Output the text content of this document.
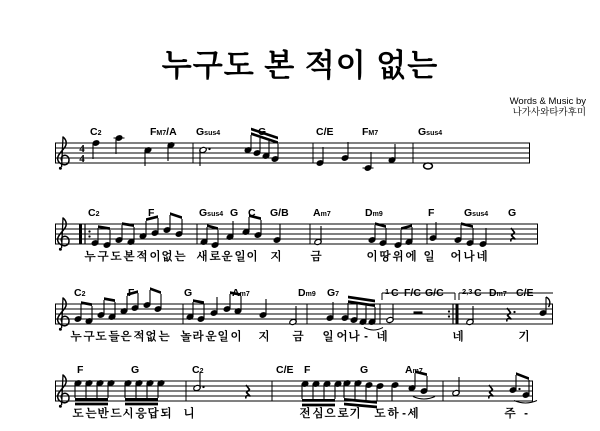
누구도 본 적이 없는
Words & Music by
나가사와타카후미
4
4
C2	FM7/A Gsus4	G	C/E	FM7	Gsus4
C2	F	Gsus4 G C G/B Am7	Dm9	F	Gsus4 G
누 구 도 본 적 이 없 는 새 로 운 일 이 지	금	이 땅 위 에 일 어 나 네
C2	F	G	Am7	Dm9 G7	C F/C G/C	C Dm7 C/E
누 구 도 들 은 적 없 는 놀 라 운 일 이 지 금 일 어 나 - 네	네	기
F	G	C2	C/E F	G	Am7
도 는 반 드 시 응 답 되 니	전 심 으 로 기 도 하 - 세	주 -
1	2,3
